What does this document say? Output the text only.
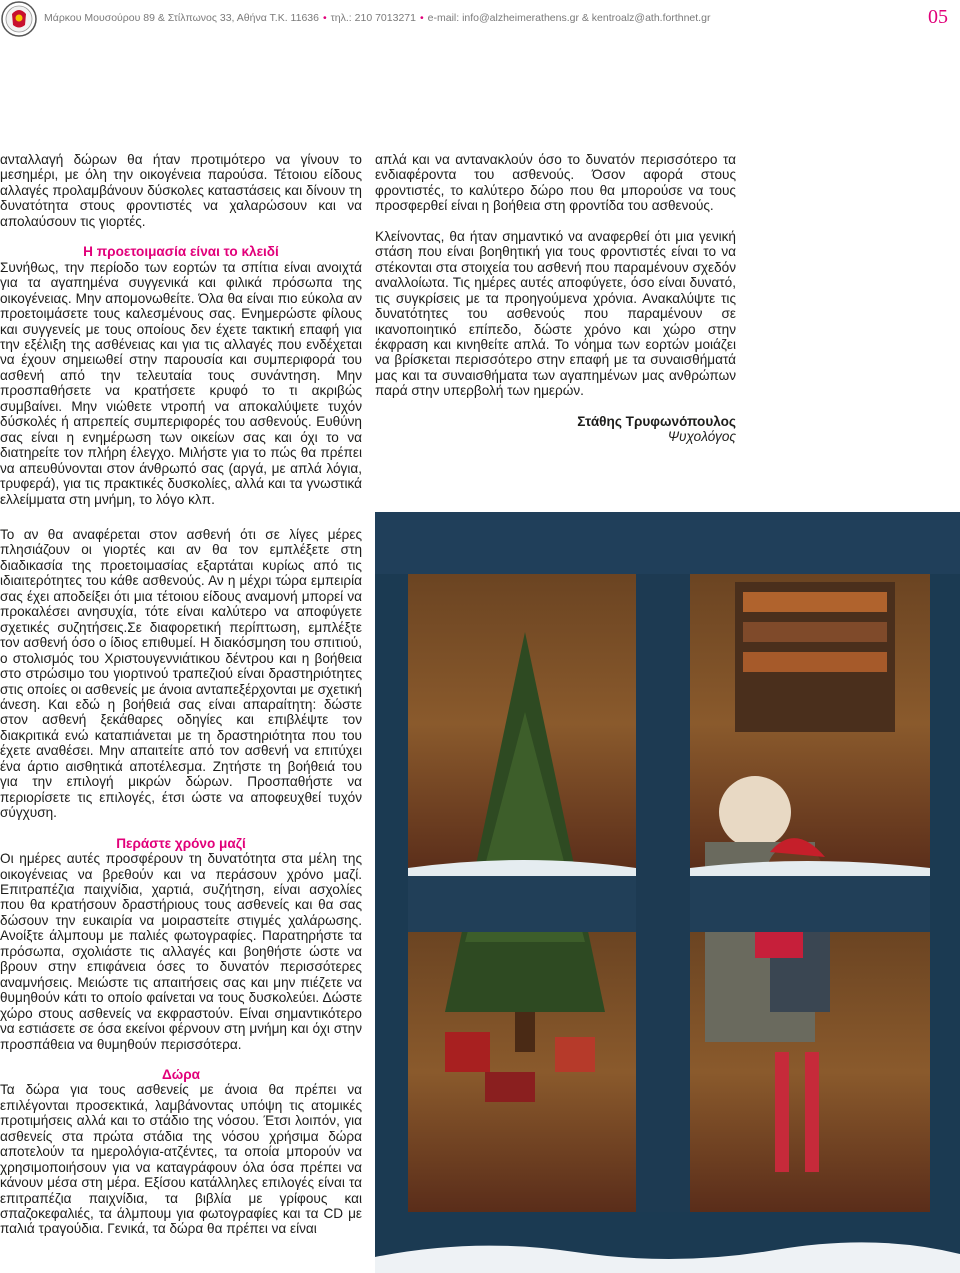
Μάρκου Μουσούρου 89 & Στίλπωνος 33, Αθήνα Τ.Κ. 11636 • τηλ.: 210 7013271 • e-mail: info@alzheimerathens.gr & kentroalz@ath.forthnet.gr	05

ανταλλαγή δώρων θα ήταν προτιμότερο να γίνουν το μεσημέρι, με όλη την οικογένεια παρούσα. Τέτοιου είδους αλλαγές προλαμβάνουν δύσκολες καταστάσεις και δίνουν τη δυνατότητα στους φροντιστές να χαλαρώσουν και να απολαύσουν τις γιορτές.

Η προετοιμασία είναι το κλειδί

Συνήθως, την περίοδο των εορτών τα σπίτια είναι ανοιχτά για τα αγαπημένα συγγενικά και φιλικά πρόσωπα της οικογένειας. Μην απομονωθείτε. Όλα θα είναι πιο εύκολα αν προετοιμάσετε τους καλεσμένους σας. Ενημερώστε φίλους και συγγενείς με τους οποίους δεν έχετε τακτική επαφή για την εξέλιξη της ασθένειας και για τις αλλαγές που ενδέχεται να έχουν σημειωθεί στην παρουσία και συμπεριφορά του ασθενή από την τελευταία τους συνάντηση. Μην προσπαθήσετε να κρατήσετε κρυφό το τι ακριβώς συμβαίνει. Μην νιώθετε ντροπή να αποκαλύψετε τυχόν δύσκολές ή απρεπείς συμπεριφορές του ασθενούς. Ευθύνη σας είναι η ενημέρωση των οικείων σας και όχι το να διατηρείτε τον πλήρη έλεγχο. Μιλήστε για το πώς θα πρέπει να απευθύνονται στον άνθρωπό σας (αργά, με απλά λόγια, τρυφερά), για τις πρακτικές δυσκολίες, αλλά και τα γνωστικά ελλείμματα στη μνήμη, το λόγο κλπ.

απλά και να αντανακλούν όσο το δυνατόν περισσότερο τα ενδιαφέροντα του ασθενούς. Όσον αφορά στους φροντιστές, το καλύτερο δώρο που θα μπορούσε να τους προσφερθεί είναι η βοήθεια στη φροντίδα του ασθενούς.

Κλείνοντας, θα ήταν σημαντικό να αναφερθεί ότι μια γενική στάση που είναι βοηθητική για τους φροντιστές είναι το να στέκονται στα στοιχεία του ασθενή που παραμένουν σχεδόν αναλλοίωτα. Τις ημέρες αυτές αποφύγετε, όσο είναι δυνατό, τις συγκρίσεις με τα προηγούμενα χρόνια. Ανακαλύψτε τις δυνατότητες του ασθενούς που παραμένουν σε ικανοποιητικό επίπεδο, δώστε χρόνο και χώρο στην έκφραση και κινηθείτε απλά. Το νόημα των εορτών μοιάζει να βρίσκεται περισσότερο στην επαφή με τα συναισθήματά μας και τα συναισθήματα των αγαπημένων μας ανθρώπων παρά στην υπερβολή των ημερών.

Στάθης Τρυφωνόπουλος
Ψυχολόγος

Το αν θα αναφέρεται στον ασθενή ότι σε λίγες μέρες πλησιάζουν οι γιορτές και αν θα τον εμπλέξετε στη διαδικασία της προετοιμασίας εξαρτάται κυρίως από τις ιδιαιτερότητες του κάθε ασθενούς. Αν η μέχρι τώρα εμπειρία σας έχει αποδείξει ότι μια τέτοιου είδους αναμονή μπορεί να προκαλέσει ανησυχία, τότε είναι καλύτερο να αποφύγετε σχετικές συζητήσεις.Σε διαφορετική περίπτωση, εμπλέξτε τον ασθενή όσο ο ίδιος επιθυμεί. Η διακόσμηση του σπιτιού, ο στολισμός του Χριστουγεννιάτικου δέντρου και η βοήθεια στο στρώσιμο του γιορτινού τραπεζιού είναι δραστηριότητες στις οποίες οι ασθενείς με άνοια ανταπεξέρχονται με σχετική άνεση. Και εδώ η βοήθειά σας είναι απαραίτητη: δώστε στον ασθενή ξεκάθαρες οδηγίες και επιβλέψτε τον διακριτικά ενώ καταπιάνεται με τη δραστηριότητα που του έχετε αναθέσει. Μην απαιτείτε από τον ασθενή να επιτύχει ένα άρτιο αισθητικά αποτέλεσμα. Ζητήστε τη βοήθειά του για την επιλογή μικρών δώρων. Προσπαθήστε να περιορίσετε τις επιλογές, έτσι ώστε να αποφευχθεί τυχόν σύγχυση.

Περάστε χρόνο μαζί

Οι ημέρες αυτές προσφέρουν τη δυνατότητα στα μέλη της οικογένειας να βρεθούν και να περάσουν χρόνο μαζί. Επιτραπέζια παιχνίδια, χαρτιά, συζήτηση, είναι ασχολίες που θα κρατήσουν δραστήριους τους ασθενείς και θα σας δώσουν την ευκαιρία να μοιραστείτε στιγμές χαλάρωσης. Ανοίξτε άλμπουμ με παλιές φωτογραφίες. Παρατηρήστε τα πρόσωπα, σχολιάστε τις αλλαγές και βοηθήστε ώστε να βρουν στην επιφάνεια όσες το δυνατόν περισσότερες αναμνήσεις. Μειώστε τις απαιτήσεις σας και μην πιέζετε να θυμηθούν κάτι το οποίο φαίνεται να τους δυσκολεύει. Δώστε χώρο στους ασθενείς να εκφραστούν. Είναι σημαντικότερο να εστιάσετε σε όσα εκείνοι φέρνουν στη μνήμη και όχι στην προσπάθεια να θυμηθούν περισσότερα.

Δώρα

Τα δώρα για τους ασθενείς με άνοια θα πρέπει να επιλέγονται προσεκτικά, λαμβάνοντας υπόψη τις ατομικές προτιμήσεις αλλά και το στάδιο της νόσου. Έτσι λοιπόν, για ασθενείς στα πρώτα στάδια της νόσου χρήσιμα δώρα αποτελούν τα ημερολόγια-ατζέντες, τα οποία μπορούν να χρησιμοποιήσουν για να καταγράφουν όλα όσα πρέπει να κάνουν μέσα στη μέρα. Εξίσου κατάλληλες επιλογές είναι τα επιτραπέζια παιχνίδια, τα βιβλία με γρίφους και σπαζοκεφαλιές, τα άλμπουμ για φωτογραφίες και τα CD με παλιά τραγούδια. Γενικά, τα δώρα θα πρέπει να είναι
